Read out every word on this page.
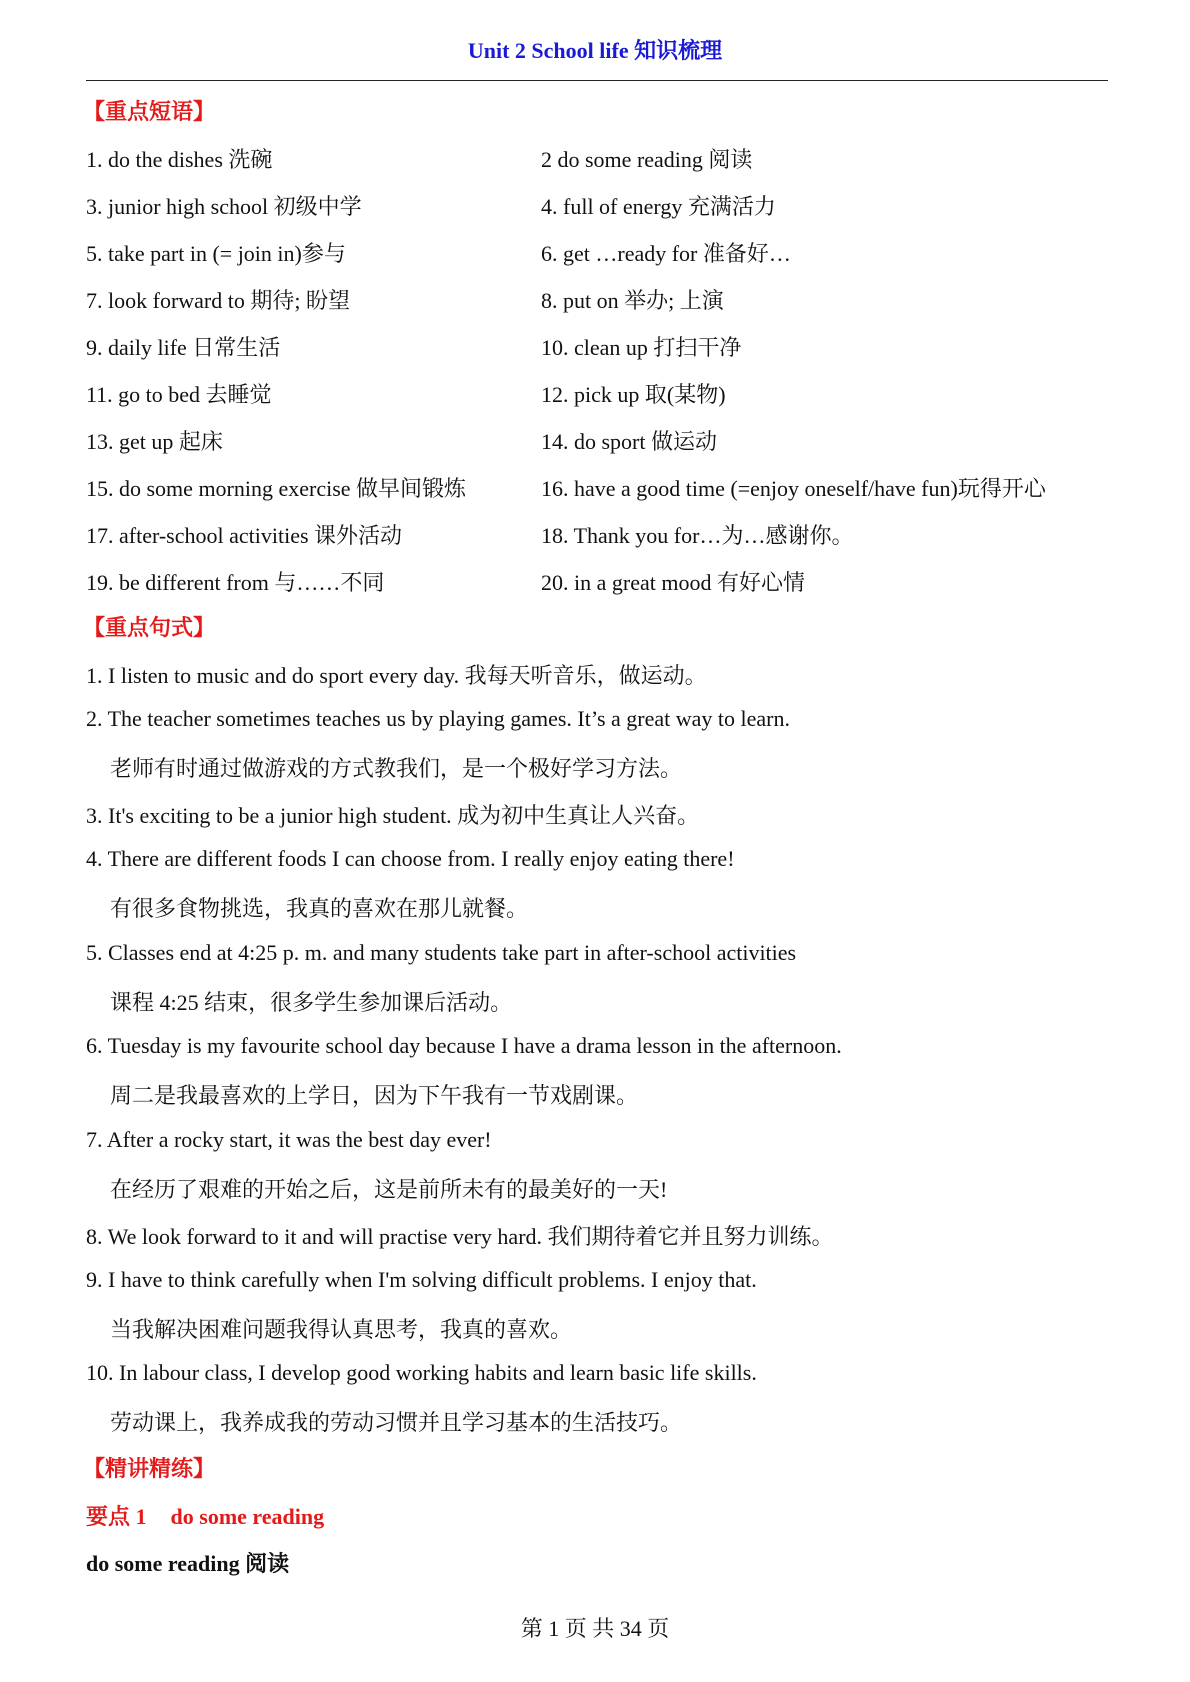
Unit 2 School life 知识梳理
【重点短语】
1. do the dishes 洗碗	2 do some reading 阅读
3. junior high school 初级中学	4. full of energy 充满活力
5. take part in (= join in)参与	6. get …ready for 准备好…
7. look forward to 期待; 盼望	8. put on 举办; 上演
9. daily life 日常生活	10. clean up 打扫干净
11. go to bed 去睡觉	12. pick up 取(某物)
13. get up 起床	14. do sport 做运动
15. do some morning exercise 做早间锻炼	16. have a good time (=enjoy oneself/have fun)玩得开心
17. after-school activities 课外活动	18. Thank you for…为…感谢你。
19. be different from 与……不同	20. in a great mood 有好心情
【重点句式】
1. I listen to music and do sport every day. 我每天听音乐，做运动。
2. The teacher sometimes teaches us by playing games. It’s a great way to learn.
老师有时通过做游戏的方式教我们，是一个极好学习方法。
3. It's exciting to be a junior high student. 成为初中生真让人兴奋。
4. There are different foods I can choose from. I really enjoy eating there!
有很多食物挑选，我真的喜欢在那儿就餐。
5. Classes end at 4:25 p. m. and many students take part in after-school activities
课程 4:25 结束，很多学生参加课后活动。
6. Tuesday is my favourite school day because I have a drama lesson in the afternoon.
周二是我最喜欢的上学日，因为下午我有一节戏剧课。
7. After a rocky start, it was the best day ever!
在经历了艰难的开始之后，这是前所未有的最美好的一天!
8. We look forward to it and will practise very hard. 我们期待着它并且努力训练。
9. I have to think carefully when I'm solving difficult problems. I enjoy that.
当我解决困难问题我得认真思考，我真的喜欢。
10. In labour class, I develop good working habits and learn basic life skills.
劳动课上，我养成我的劳动习惯并且学习基本的生活技巧。
【精讲精练】
要点 1 do some reading
do some reading 阅读
第 1 页 共 34 页
